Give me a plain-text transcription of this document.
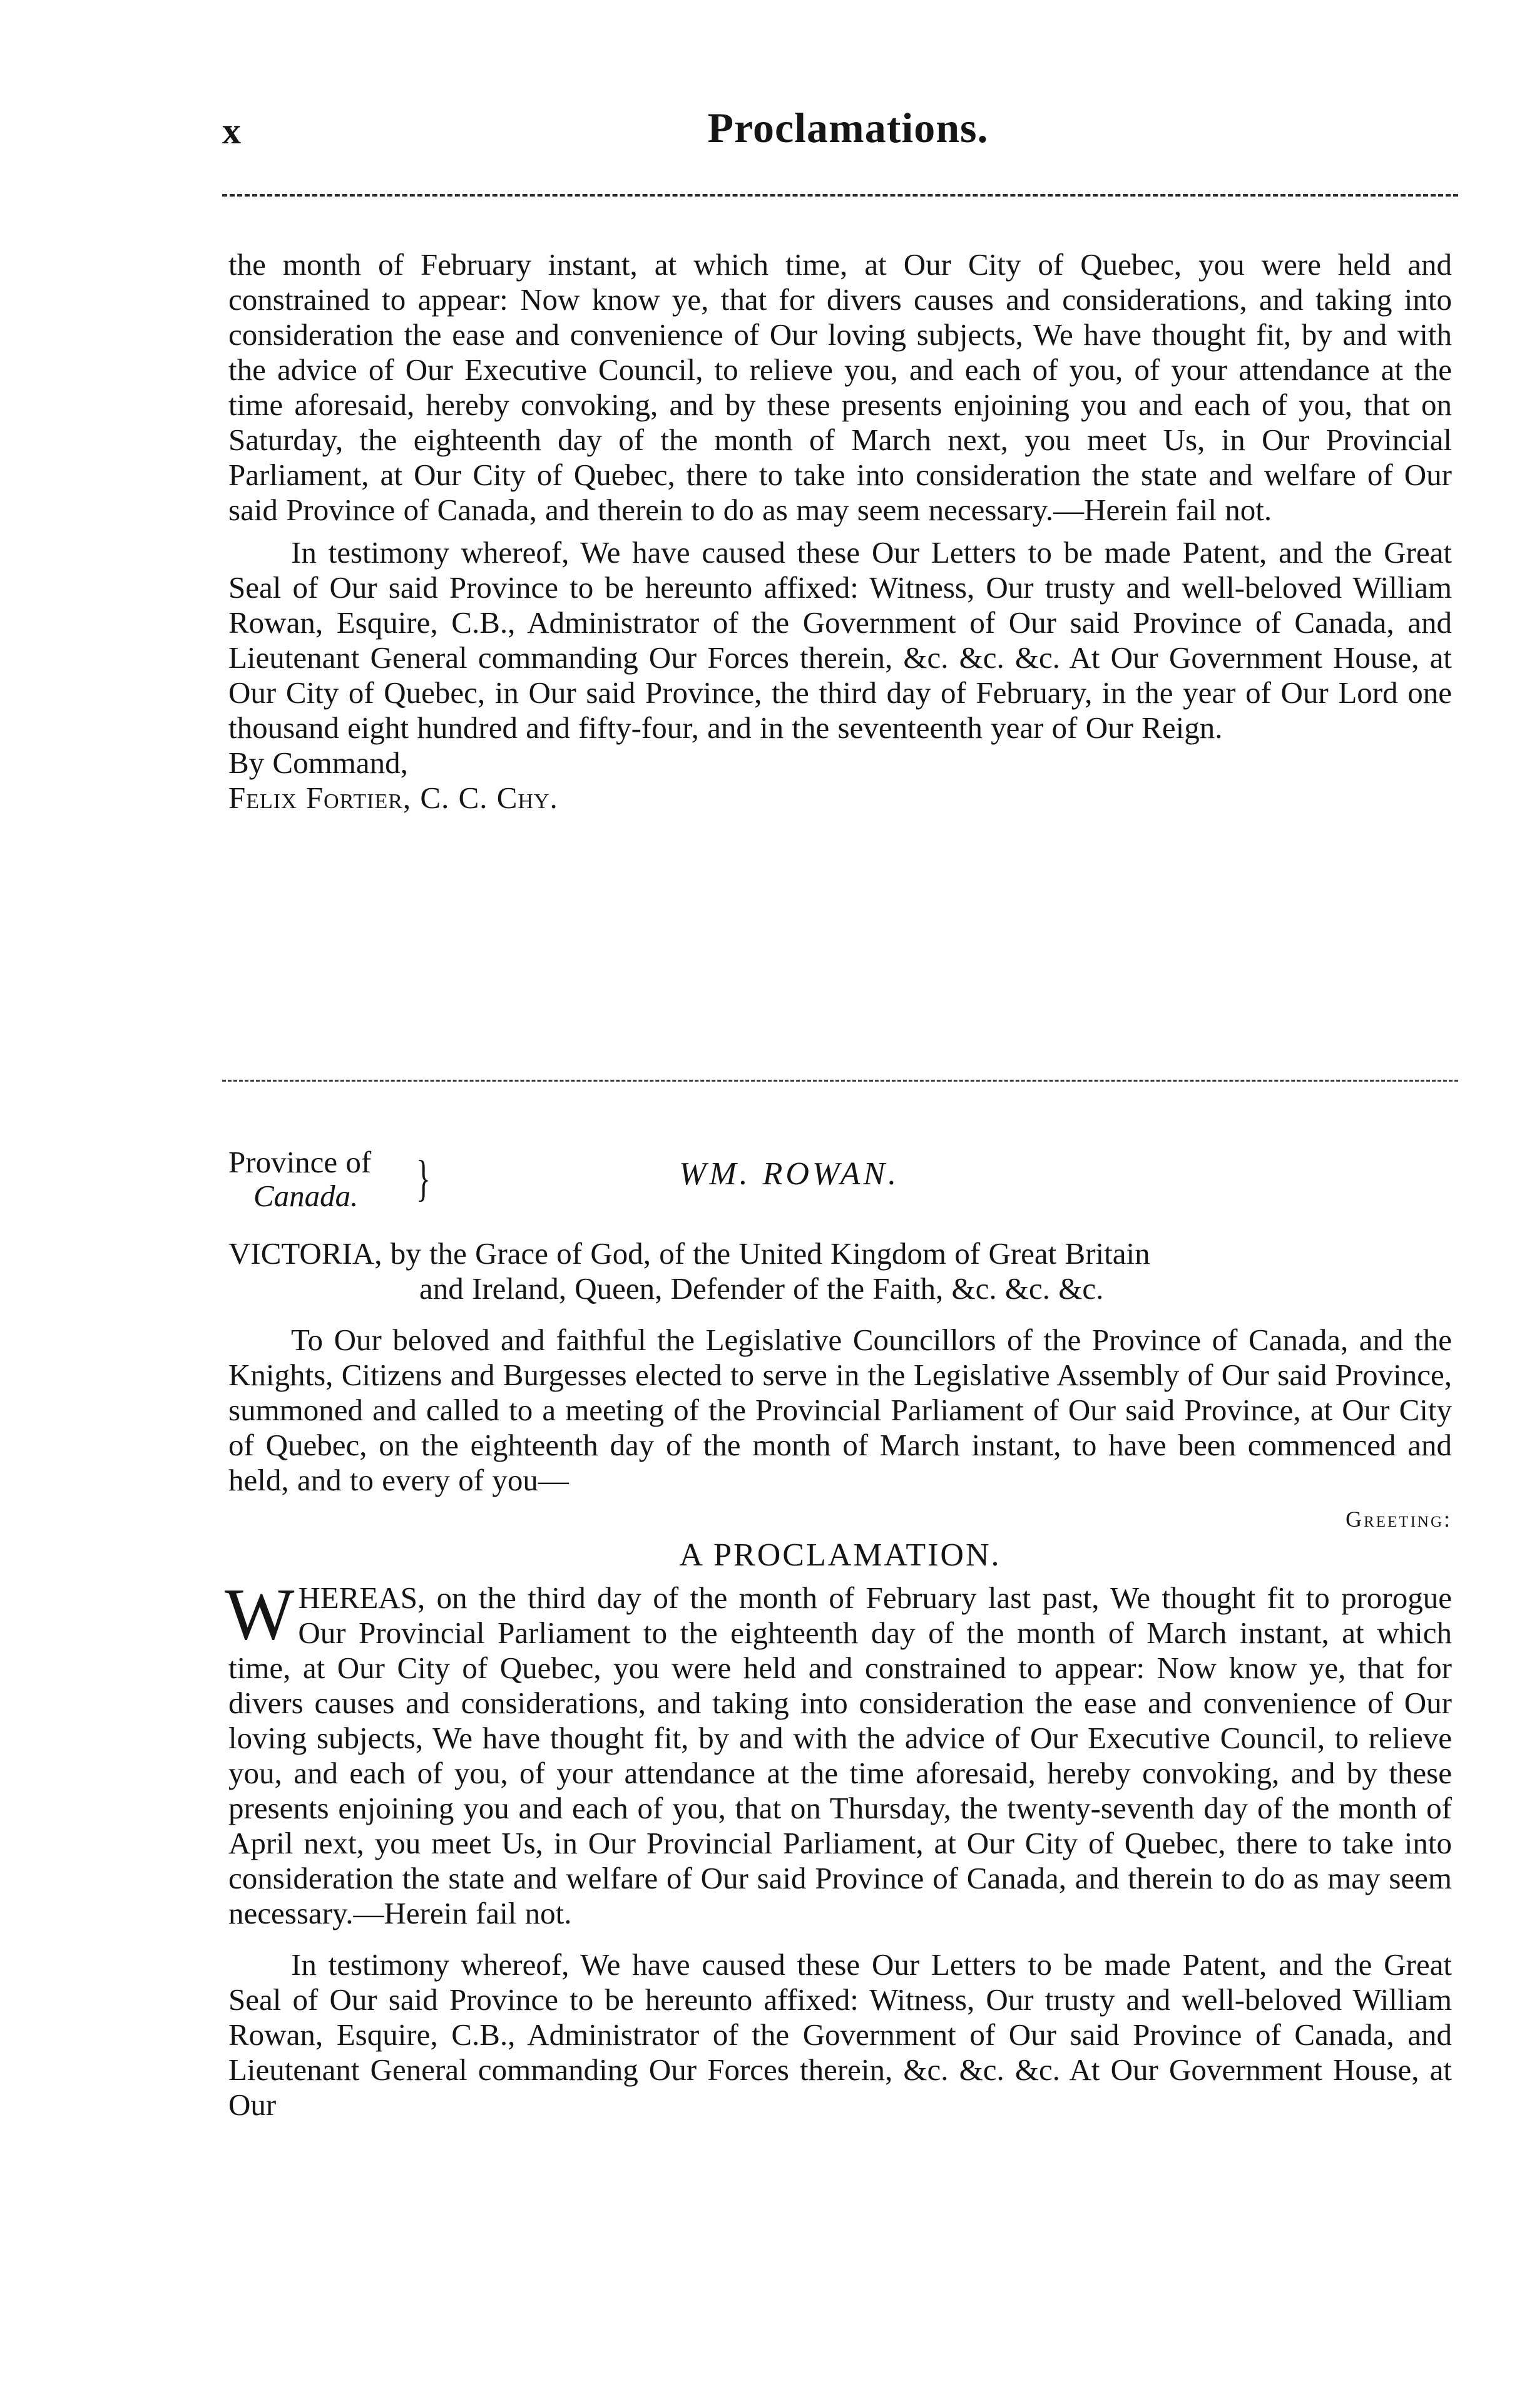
x	Proclamations.

the month of February instant, at which time, at Our City of Quebec, you were held and constrained to appear: Now know ye, that for divers causes and considerations, and taking into consideration the ease and convenience of Our loving subjects, We have thought fit, by and with the advice of Our Executive Council, to relieve you, and each of you, of your attendance at the time aforesaid, hereby convoking, and by these presents enjoining you and each of you, that on Saturday, the eighteenth day of the month of March next, you meet Us, in Our Provincial Parliament, at Our City of Quebec, there to take into consideration the state and welfare of Our said Province of Canada, and therein to do as may seem necessary.—Herein fail not.

In testimony whereof, We have caused these Our Letters to be made Patent, and the Great Seal of Our said Province to be hereunto affixed: Witness, Our trusty and well-beloved William Rowan, Esquire, C.B., Administrator of the Government of Our said Province of Canada, and Lieutenant General commanding Our Forces therein, &c. &c. &c. At Our Government House, at Our City of Quebec, in Our said Province, the third day of February, in the year of Our Lord one thousand eight hundred and fifty-four, and in the seventeenth year of Our Reign.

By Command,

Felix Fortier, C. C. Chy.

Province of
Canada. }	WM. ROWAN.

VICTORIA, by the Grace of God, of the United Kingdom of Great Britain
and Ireland, Queen, Defender of the Faith, &c. &c. &c.

To Our beloved and faithful the Legislative Councillors of the Province of Canada, and the Knights, Citizens and Burgesses elected to serve in the Legislative Assembly of Our said Province, summoned and called to a meeting of the Provincial Parliament of Our said Province, at Our City of Quebec, on the eighteenth day of the month of March instant, to have been commenced and held, and to every of you—

Greeting:

A PROCLAMATION.

WHEREAS, on the third day of the month of February last past, We thought fit to prorogue Our Provincial Parliament to the eighteenth day of the month of March instant, at which time, at Our City of Quebec, you were held and constrained to appear: Now know ye, that for divers causes and considerations, and taking into consideration the ease and convenience of Our loving subjects, We have thought fit, by and with the advice of Our Executive Council, to relieve you, and each of you, of your attendance at the time aforesaid, hereby convoking, and by these presents enjoining you and each of you, that on Thursday, the twenty-seventh day of the month of April next, you meet Us, in Our Provincial Parliament, at Our City of Quebec, there to take into consideration the state and welfare of Our said Province of Canada, and therein to do as may seem necessary.—Herein fail not.

In testimony whereof, We have caused these Our Letters to be made Patent, and the Great Seal of Our said Province to be hereunto affixed: Witness, Our trusty and well-beloved William Rowan, Esquire, C.B., Administrator of the Government of Our said Province of Canada, and Lieutenant General commanding Our Forces therein, &c. &c. &c. At Our Government House, at Our
